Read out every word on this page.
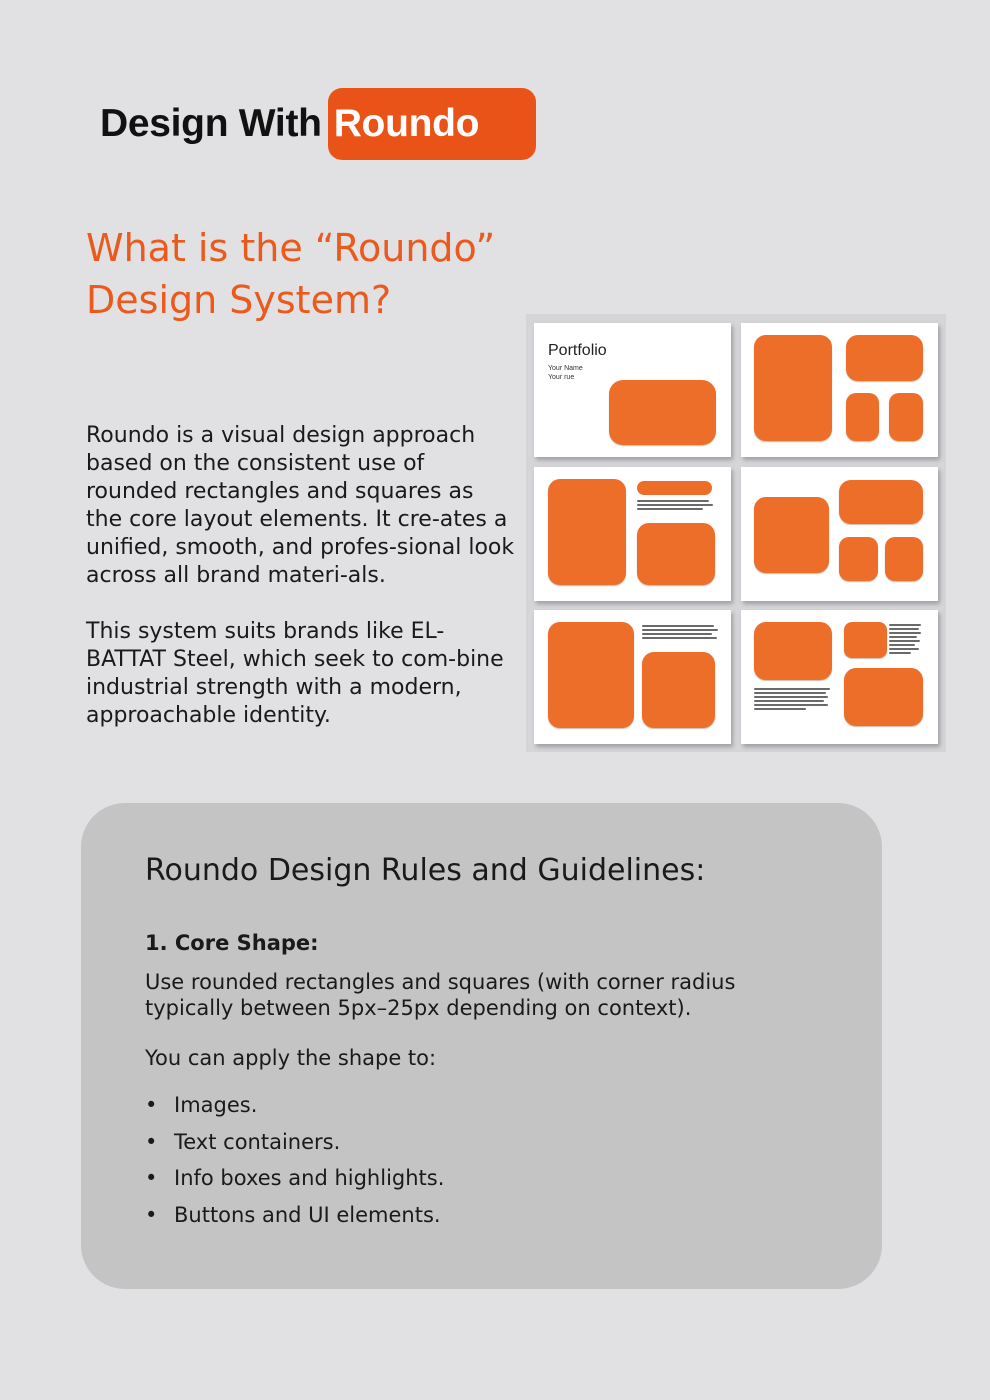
Design With Roundo
What is the “Roundo” Design System?

Roundo is a visual design approach based on the consistent use of rounded rectangles and squares as the core layout elements. It cre-ates a unified, smooth, and profes-sional look across all brand materi-als.

This system suits brands like EL-BATTAT Steel, which seek to com-bine industrial strength with a modern, approachable identity.

Portfolio
Your Name
Your rue
Roundo Design Rules and Guidelines:
1. Core Shape:

Use rounded rectangles and squares (with corner radius typically between 5px–25px depending on context).

You can apply the shape to:

• Images.
• Text containers.
• Info boxes and highlights.
• Buttons and UI elements.
